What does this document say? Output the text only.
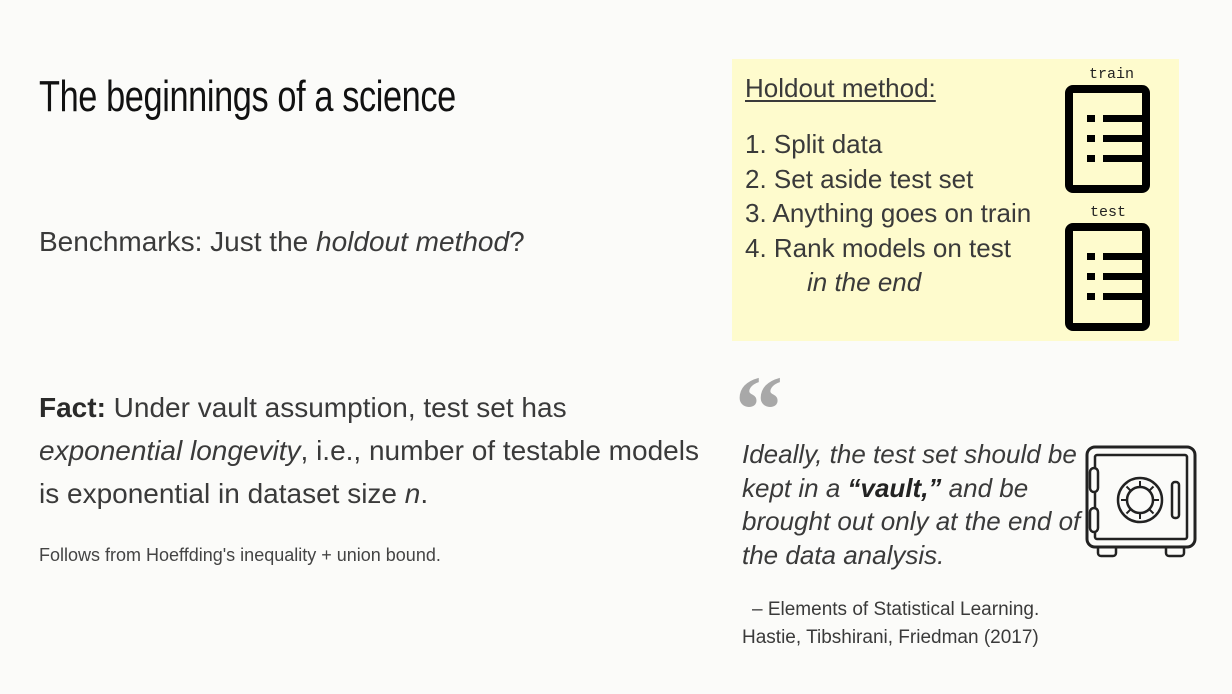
The beginnings of a science
Benchmarks: Just the holdout method?
Fact: Under vault assumption, test set has exponential longevity, i.e., number of testable models is exponential in dataset size n.
Follows from Hoeffding's inequality + union bound.
Holdout method:
1. Split data
2. Set aside test set
3. Anything goes on train
4. Rank models on test
in the end
train
test
“
Ideally, the test set should be kept in a “vault,” and be brought out only at the end of the data analysis.
– Elements of Statistical Learning.
Hastie, Tibshirani, Friedman (2017)
